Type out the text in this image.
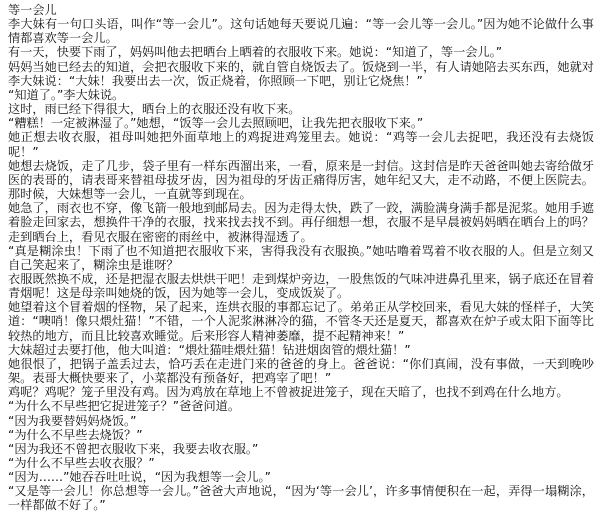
等一会儿

李大妹有一句口头语，叫作“等一会儿”。这句话她每天要说几遍：“等一会儿等一会儿。”因为她不论做什么事情都喜欢等一会儿。

有一天，快要下雨了，妈妈叫他去把晒台上晒着的衣服收下来。她说：“知道了，等一会儿。”

妈妈当她已经去的知道，会把衣服收下来的，就自管自烧饭去了。饭烧到一半，有人请她陪去买东西，她就对李大妹说：“大妹！我要出去一次，饭正烧着，你照顾一下吧，别让它烧焦！”

“知道了。”李大妹说。

这时，雨已经下得很大，晒台上的衣服还没有收下来。

“糟糕！一定被淋湿了。”她想，“饭等一会儿去照顾吧，让我先把衣服收下来。”

她正想去收衣服，祖母叫她把外面草地上的鸡捉进鸡笼里去。她说：“鸡等一会儿去捉吧，我还没有去烧饭呢！”

她想去烧饭，走了几步，袋子里有一样东西溜出来，一看，原来是一封信。这封信是昨天爸爸叫她去寄给做牙医的表哥的，请表哥来替祖母拔牙齿，因为祖母的牙齿正痛得厉害，她年纪又大，走不动路，不便上医院去。那时候，大妹想等一会儿，一直就等到现在。

她急了，雨衣也不穿，像飞箭一般地到邮局去。因为走得太快，跌了一跤，满脸满身满手都是泥浆。她用手遮着脸走回家去，想换件干净的衣服，找来找去找不到。再仔细想一想，衣服不是早晨被妈妈晒在晒台上的吗？走到晒台上，看见衣服在密密的雨丝中，被淋得湿透了。

“真是糊涂虫！下雨了也不知道把衣服收下来，害得我没有衣服换。”她咕噜着骂着不收衣服的人。但是立刻又自己笑起来了，糊涂虫是谁呀？

衣服既然换不成，还是把湿衣服去烘烘干吧！走到煤炉旁边，一股焦饭的气味冲进鼻孔里来，锅子底还在冒着青烟呢！这是母亲叫她烧的饭，因为她等一会儿，变成饭炭了。

她望着这个冒着烟的怪物，呆了起来，连烘衣服的事都忘记了。弟弟正从学校回来，看见大妹的怪样子，大笑道：“噢哨！像只煨灶猫！”不错，一个人泥浆淋淋冷的猫，不管冬天还是夏天，都喜欢在炉子或太阳下面等比较热的地方，而且比较喜欢睡觉。后来形容人精神萎靡，提不起精神来！”

大妹超过去要打他，他大叫道：“煨灶猫哇煨灶猫！钻进烟囱管的煨灶猫！”

她很恨了，把锅子盖丢过去，恰巧丢在走进门来的爸爸的身上。爸爸说：“你们真闹，没有事做，一天到晚吵架。表哥大概快要来了，小菜都没有预备好，把鸡宰了吧！”

鸡呢？鸡呢？笼子里没有鸡。因为鸡放在草地上不曾被捉进笼子，现在天暗了，也找不到鸡在什么地方。

“为什么不早些把它捉进笼子？”爸爸问道。

“因为我要替妈妈烧饭。”

“为什么不早些去烧饭？”

“因为我还不曾把衣服收下来，我要去收衣服。”

“为什么不早些去收衣服？”

“因为……”她吞吞吐吐说，“因为我想等一会儿。”

“又是等一会儿！你总想等一会儿。”爸爸大声地说，“因为‘等一会儿’，许多事情便积在一起，弄得一塌糊涂，一样都做不好了。”
